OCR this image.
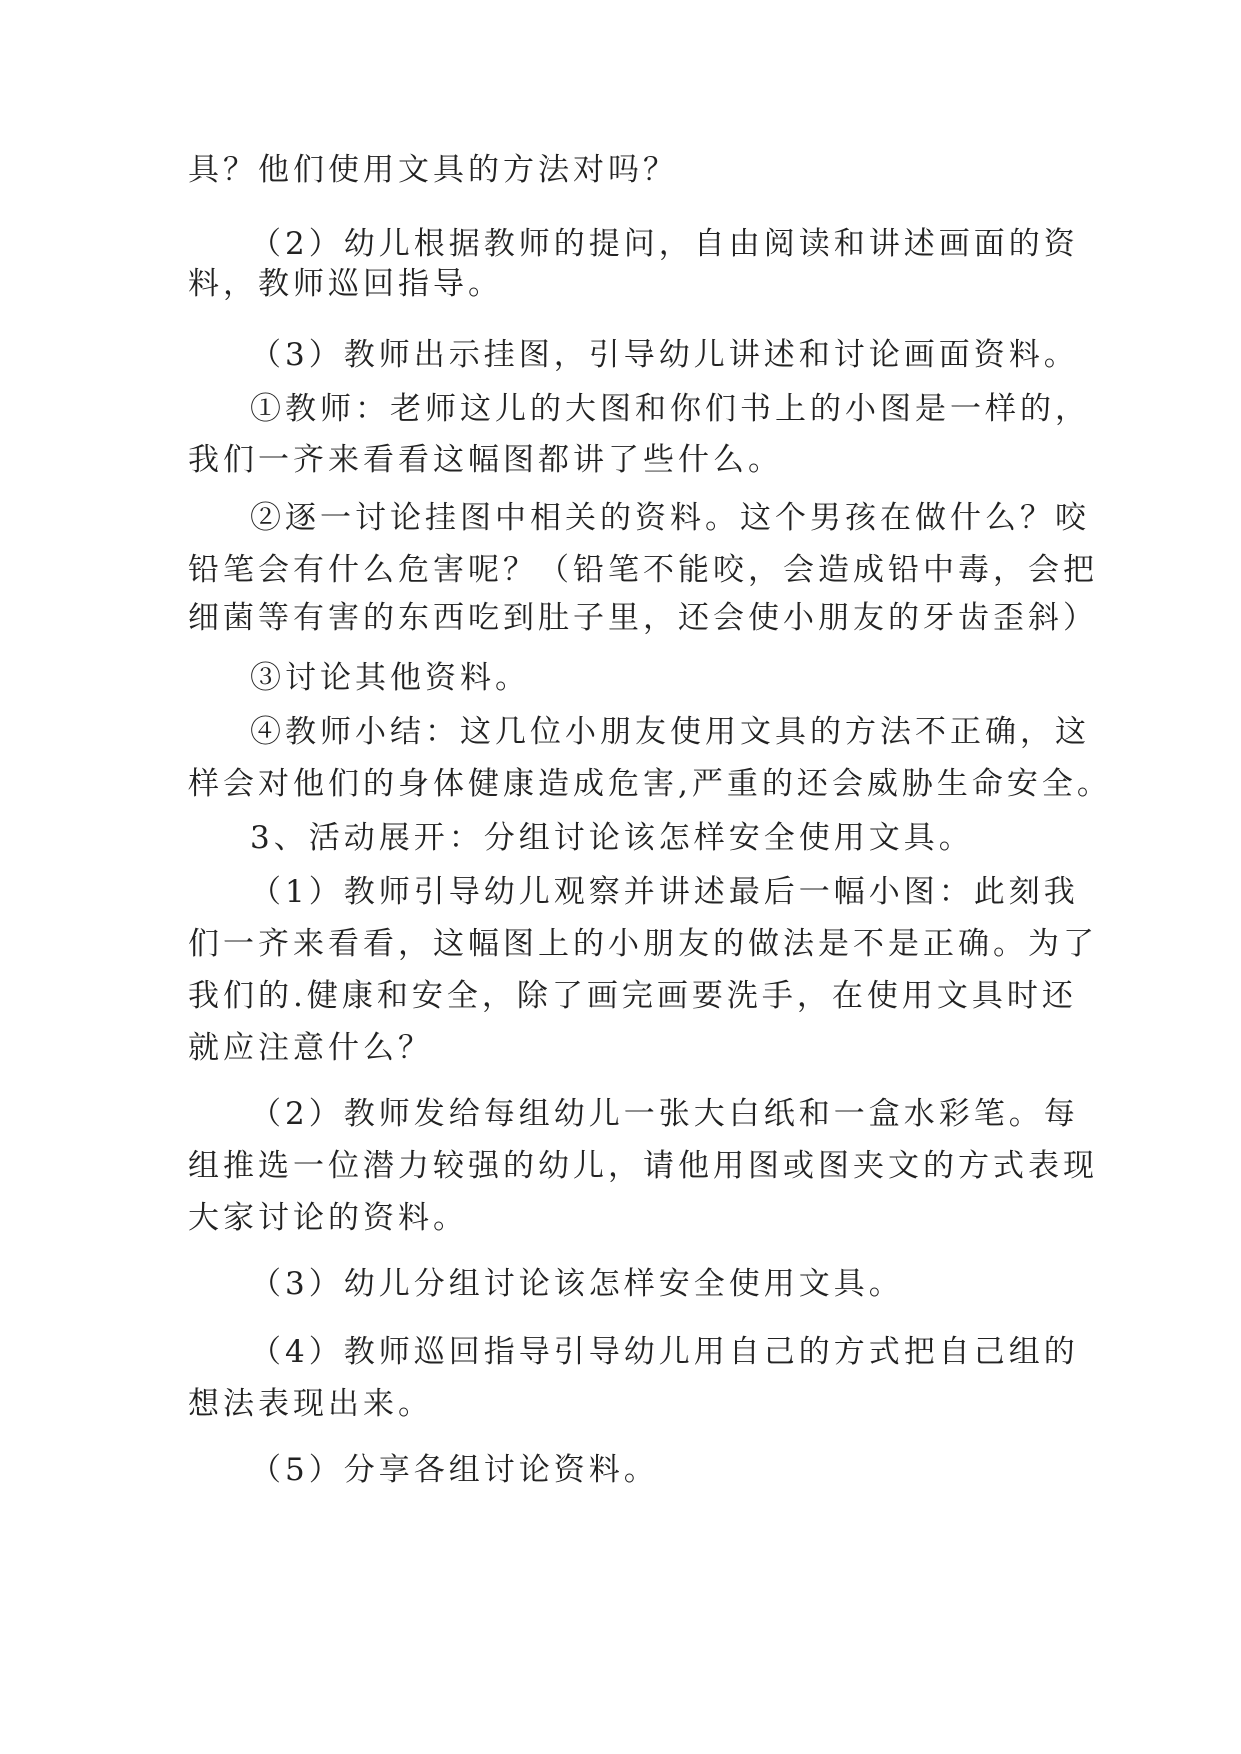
具？他们使用文具的方法对吗？
（2）幼儿根据教师的提问，自由阅读和讲述画面的资
料，教师巡回指导。
（3）教师出示挂图，引导幼儿讲述和讨论画面资料。
①教师：老师这儿的大图和你们书上的小图是一样的，
我们一齐来看看这幅图都讲了些什么。
②逐一讨论挂图中相关的资料。这个男孩在做什么？咬
铅笔会有什么危害呢？（铅笔不能咬，会造成铅中毒，会把
细菌等有害的东西吃到肚子里，还会使小朋友的牙齿歪斜）
③讨论其他资料。
④教师小结：这几位小朋友使用文具的方法不正确，这
样会对他们的身体健康造成危害,严重的还会威胁生命安全。
3、活动展开：分组讨论该怎样安全使用文具。
（1）教师引导幼儿观察并讲述最后一幅小图：此刻我
们一齐来看看，这幅图上的小朋友的做法是不是正确。为了
我们的.健康和安全，除了画完画要洗手，在使用文具时还
就应注意什么？
（2）教师发给每组幼儿一张大白纸和一盒水彩笔。每
组推选一位潜力较强的幼儿，请他用图或图夹文的方式表现
大家讨论的资料。
（3）幼儿分组讨论该怎样安全使用文具。
（4）教师巡回指导引导幼儿用自己的方式把自己组的
想法表现出来。
（5）分享各组讨论资料。
